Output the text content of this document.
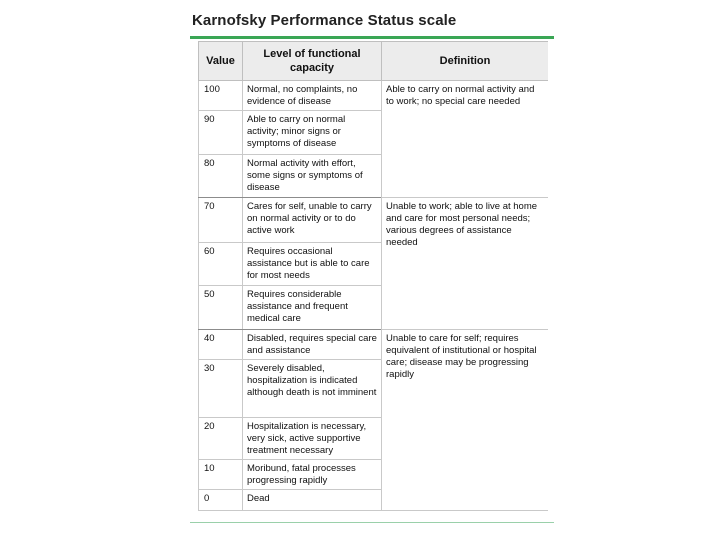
Karnofsky Performance Status scale
Value	Level of functional capacity	Definition
100	Normal, no complaints, no evidence of disease	Able to carry on normal activity and to work; no special care needed
90	Able to carry on normal activity; minor signs or symptoms of disease	
80	Normal activity with effort, some signs or symptoms of disease	
70	Cares for self, unable to carry on normal activity or to do active work	Unable to work; able to live at home and care for most personal needs; various degrees of assistance needed
60	Requires occasional assistance but is able to care for most needs	
50	Requires considerable assistance and frequent medical care	
40	Disabled, requires special care and assistance	Unable to care for self; requires equivalent of institutional or hospital care; disease may be progressing rapidly
30	Severely disabled, hospitalization is indicated although death is not imminent	
20	Hospitalization is necessary, very sick, active supportive treatment necessary	
10	Moribund, fatal processes progressing rapidly	
0	Dead	
